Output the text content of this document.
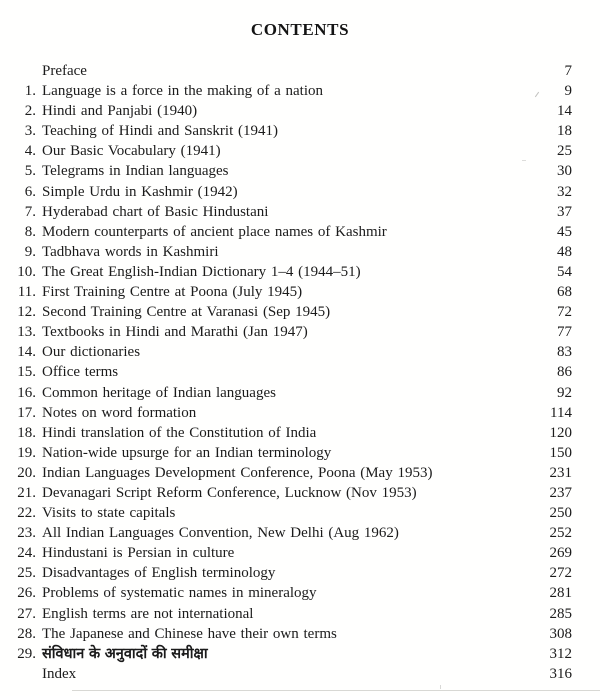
CONTENTS
Preface	7
1. Language is a force in the making of a nation	9
2. Hindi and Panjabi (1940)	14
3. Teaching of Hindi and Sanskrit (1941)	18
4. Our Basic Vocabulary (1941)	25
5. Telegrams in Indian languages	30
6. Simple Urdu in Kashmir (1942)	32
7. Hyderabad chart of Basic Hindustani	37
8. Modern counterparts of ancient place names of Kashmir	45
9. Tadbhava words in Kashmiri	48
10. The Great English-Indian Dictionary 1–4 (1944–51)	54
11. First Training Centre at Poona (July 1945)	68
12. Second Training Centre at Varanasi (Sep 1945)	72
13. Textbooks in Hindi and Marathi (Jan 1947)	77
14. Our dictionaries	83
15. Office terms	86
16. Common heritage of Indian languages	92
17. Notes on word formation	114
18. Hindi translation of the Constitution of India	120
19. Nation-wide upsurge for an Indian terminology	150
20. Indian Languages Development Conference, Poona (May 1953)	231
21. Devanagari Script Reform Conference, Lucknow (Nov 1953)	237
22. Visits to state capitals	250
23. All Indian Languages Convention, New Delhi (Aug 1962)	252
24. Hindustani is Persian in culture	269
25. Disadvantages of English terminology	272
26. Problems of systematic names in mineralogy	281
27. English terms are not international	285
28. The Japanese and Chinese have their own terms	308
29. संविधान के अनुवादों की समीक्षा	312
Index	316
